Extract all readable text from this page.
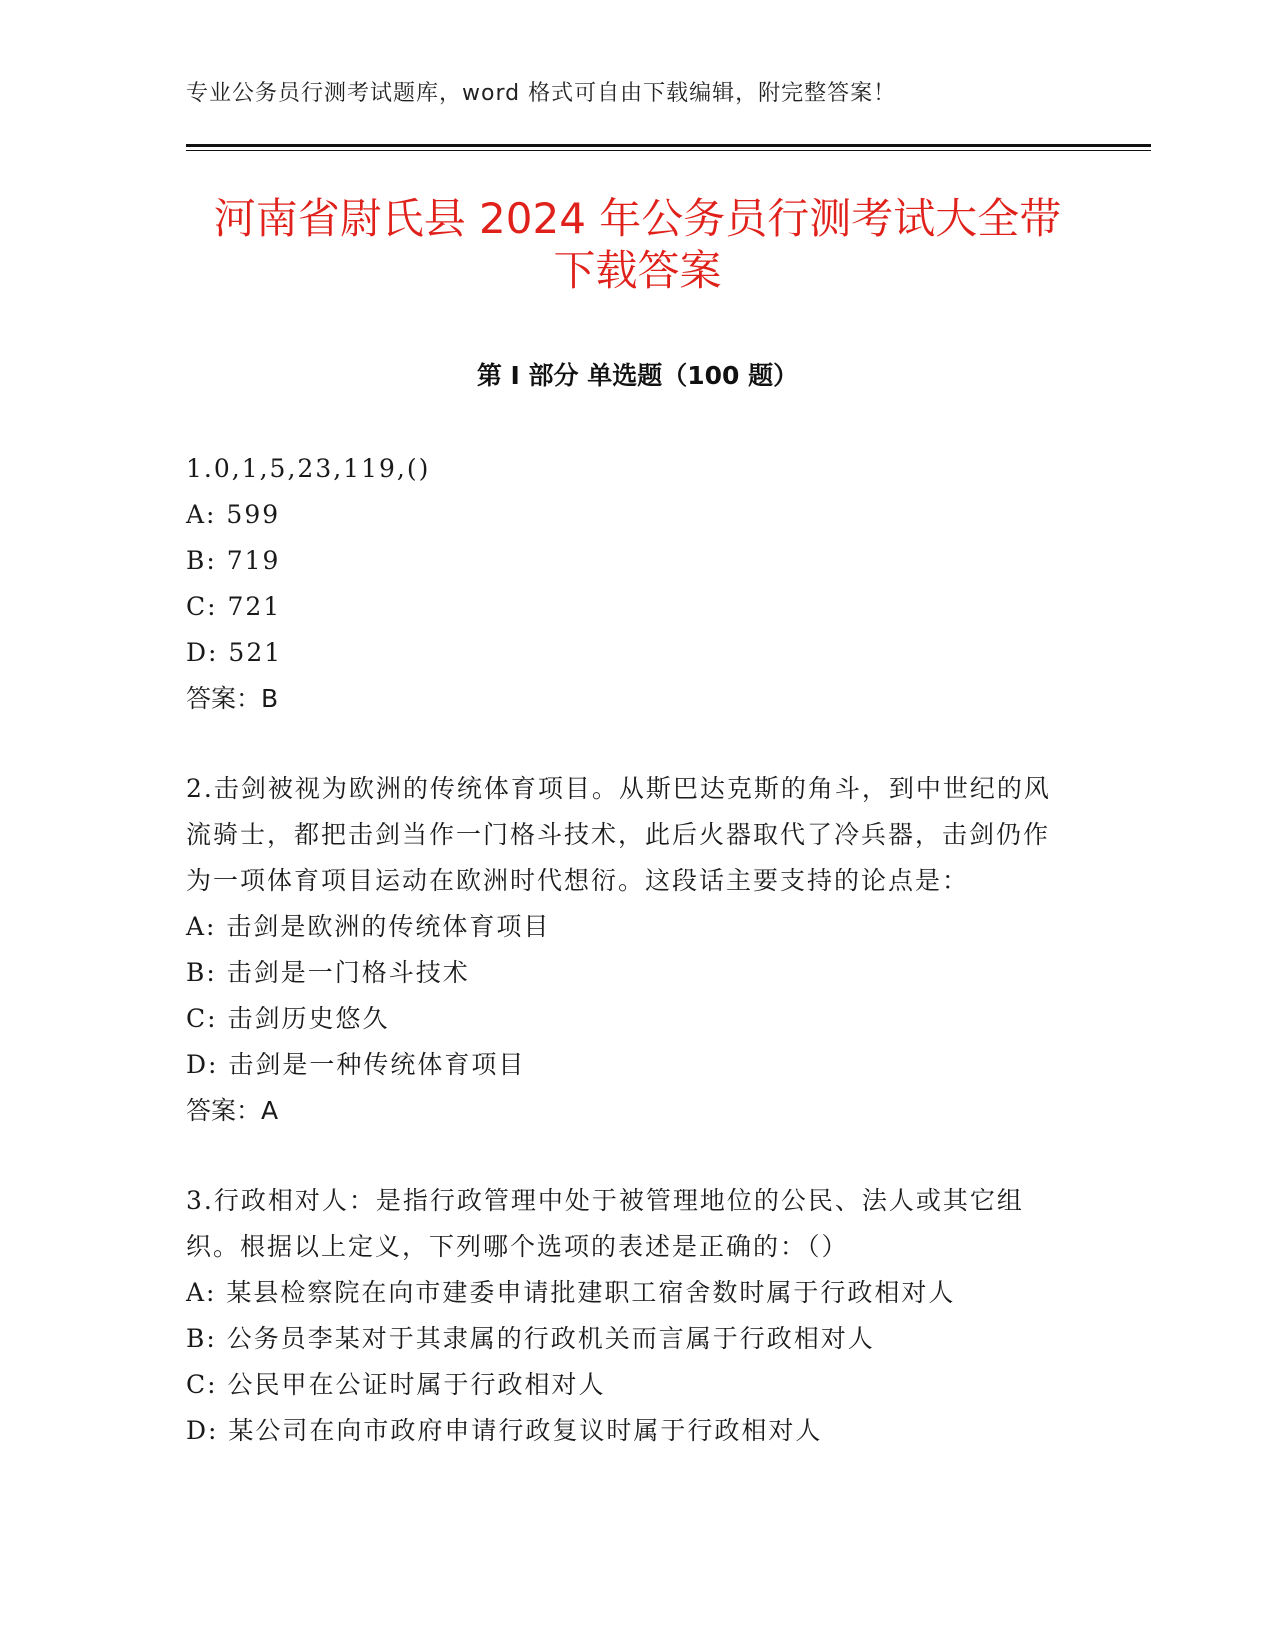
专业公务员行测考试题库，word 格式可自由下载编辑，附完整答案！
河南省尉氏县 2024 年公务员行测考试大全带
下载答案
第 I 部分 单选题（100 题）

1.0,1,5,23,119,()

A: 599

B: 719

C: 721

D: 521

答案：B

2.击剑被视为欧洲的传统体育项目。从斯巴达克斯的角斗，到中世纪的风流骑士，都把击剑当作一门格斗技术，此后火器取代了冷兵器，击剑仍作为一项体育项目运动在欧洲时代想衍。这段话主要支持的论点是：

A: 击剑是欧洲的传统体育项目

B: 击剑是一门格斗技术

C: 击剑历史悠久

D: 击剑是一种传统体育项目

答案：A

3.行政相对人：是指行政管理中处于被管理地位的公民、法人或其它组织。根据以上定义，下列哪个选项的表述是正确的：（）

A: 某县检察院在向市建委申请批建职工宿舍数时属于行政相对人

B: 公务员李某对于其隶属的行政机关而言属于行政相对人

C: 公民甲在公证时属于行政相对人

D: 某公司在向市政府申请行政复议时属于行政相对人
